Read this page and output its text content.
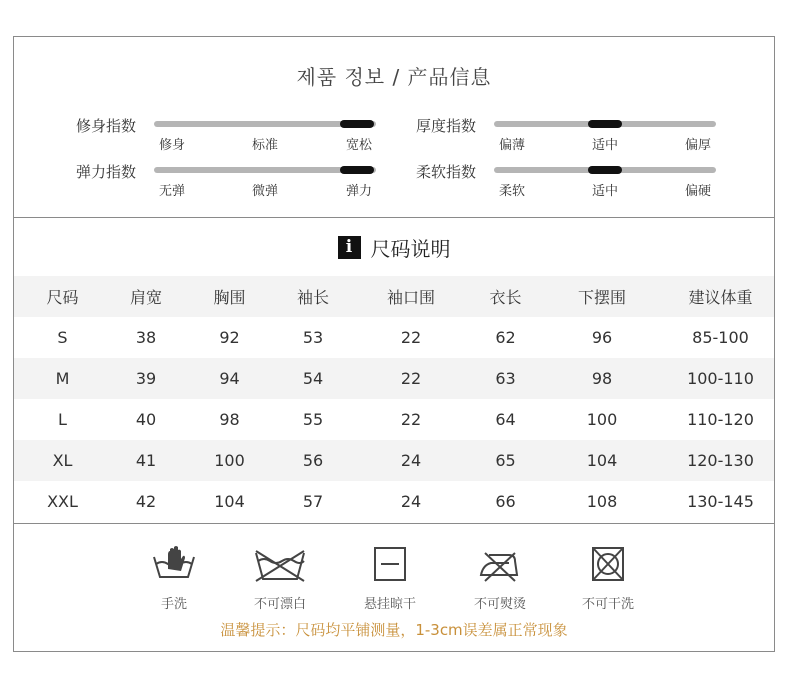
제품 정보 / 产品信息
修身指数
修身	标准	宽松
厚度指数
偏薄	适中	偏厚
弹力指数
无弹	微弹	弹力
柔软指数
柔软	适中	偏硬
i 尺码说明
尺码	肩宽	胸围	袖长	袖口围	衣长	下摆围	建议体重
S	38	92	53	22	62	96	85-100
M	39	94	54	22	63	98	100-110
L	40	98	55	22	64	100	110-120
XL	41	100	56	24	65	104	120-130
XXL	42	104	57	24	66	108	130-145
手洗	不可漂白	悬挂晾干	不可熨烫	不可干洗
温馨提示：尺码均平铺测量，1-3cm误差属正常现象
